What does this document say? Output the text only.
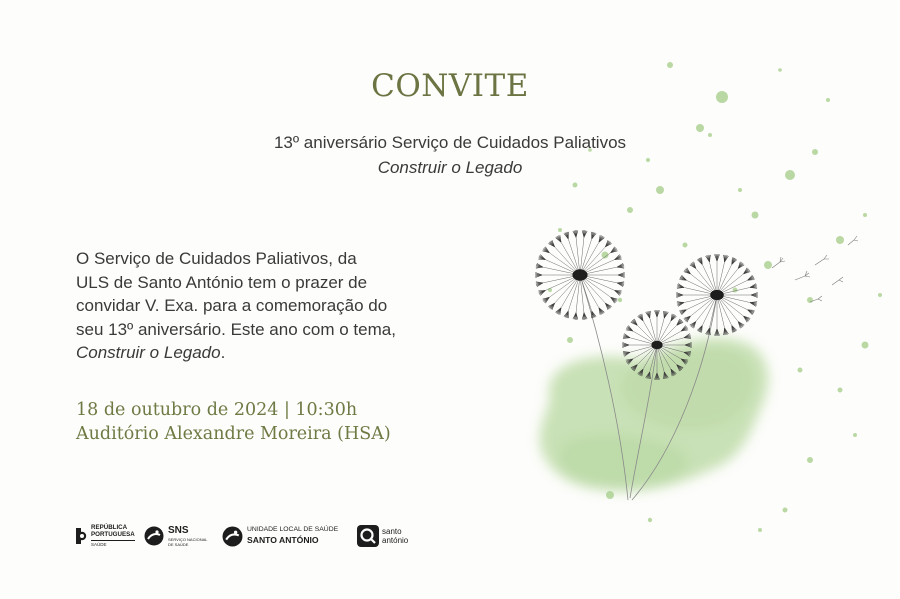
CONVITE
13º aniversário Serviço de Cuidados Paliativos
Construir o Legado
O Serviço de Cuidados Paliativos, da
ULS de Santo António tem o prazer de
convidar V. Exa. para a comemoração do
seu 13º aniversário. Este ano com o tema,
Construir o Legado.
18 de outubro de 2024 | 10:30h
Auditório Alexandre Moreira (HSA)
REPÚBLICA
PORTUGUESA
SAÚDE
SNS
SERVIÇO NACIONAL
DE SAÚDE
UNIDADE LOCAL DE SAÚDE
SANTO ANTÓNIO
santo
antónio
